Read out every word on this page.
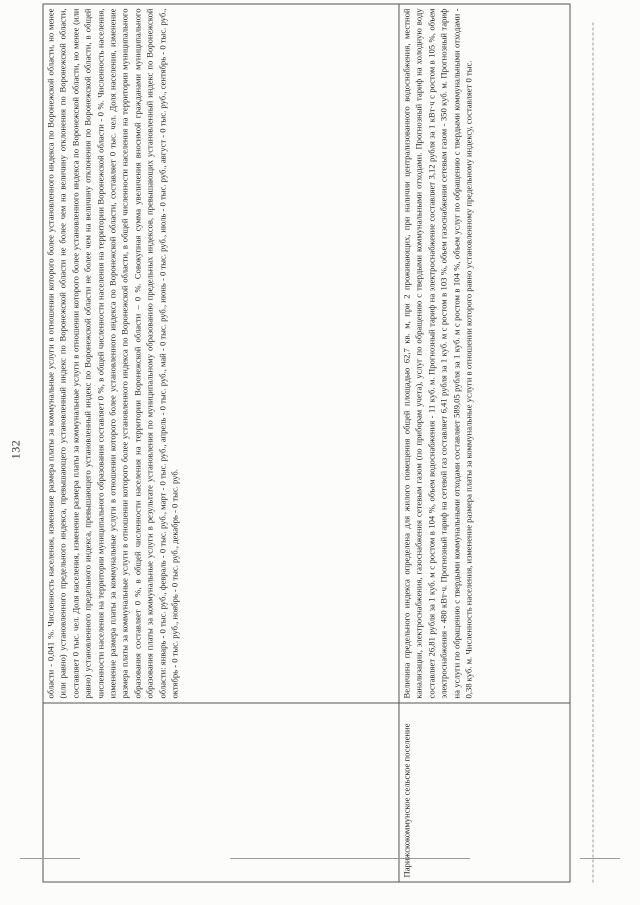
132
		области - 0,041 %. Численность населения, изменение размера платы за коммунальные услуги в отношении которого более установленного индекса по Воронежской области, но менее (или равно) установленного предельного индекса, превышающего установленный индекс по Воронежской области не более чем на величину отклонения по Воронежской области, составляет 0 тыс. чел. Доля населения, изменение размера платы за коммунальные услуги в отношении которого более установленного индекса по Воронежской области, но менее (или равно) установленного предельного индекса, превышающего установленный индекс по Воронежской области не более чем на величину отклонения по Воронежской области, в общей численности населения на территории муниципального образования составляет 0 %, в общей численности населения на территории Воронежской области - 0 %. Численность населения, изменение размера платы за коммунальные услуги в отношении которого более установленного индекса по Воронежской области, составляет 0 тыс. чел. Доля населения, изменение размера платы за коммунальные услуги в отношении которого более установленного индекса по Воронежской области, в общей численности населения на территории муниципального образования составляет 0 %, в общей численности населения на территории Воронежской области – 0 %. Совокупная сумма увеличения вносимой гражданами муниципального образования платы за коммунальные услуги в результате установления по муниципальному образованию предельных индексов, превышающих установленный индекс по Воронежской области: январь - 0 тыс. руб., февраль - 0 тыс. руб., март - 0 тыс. руб., апрель - 0 тыс. руб., май - 0 тыс. руб., июнь - 0 тыс. руб., июль - 0 тыс. руб., август - 0 тыс. руб., сентябрь - 0 тыс. руб., октябрь - 0 тыс. руб., ноябрь - 0 тыс. руб., декабрь - 0 тыс. руб.
Парижскокоммунское сельское поселение	Величина предельного индекса определена для жилого помещения общей площадью 62,7 кв. м, при 2 проживающих, при наличии централизованного водоснабжения, местной канализации, электроснабжения, газоснабжения сетевым газом (по приборам учета), услуг по обращению с твердыми коммунальными отходами. Прогнозный тариф на холодную воду составляет 26,81 рубля за 1 куб. м с ростом в 104 %, объем водоснабжения - 11 куб. м. Прогнозный тариф на электроснабжение составляет 3,12 рубля за 1 кВт·ч с ростом в 105 %, объем электроснабжения - 480 кВт·ч. Прогнозный тариф на сетевой газ составляет 6,41 рубля за 1 куб. м с ростом в 103 %, объем газоснабжения сетевым газом - 350 куб. м. Прогнозный тариф на услуги по обращению с твердыми коммунальными отходами составляет 589,05 рубля за 1 куб. м с ростом в 104 %, объем услуг по обращению с твердыми коммунальными отходами - 0,38 куб. м. Численность населения, изменение размера платы за коммунальные услуги в отношении которого равно установленному предельному индексу, составляет 0 тыс.
